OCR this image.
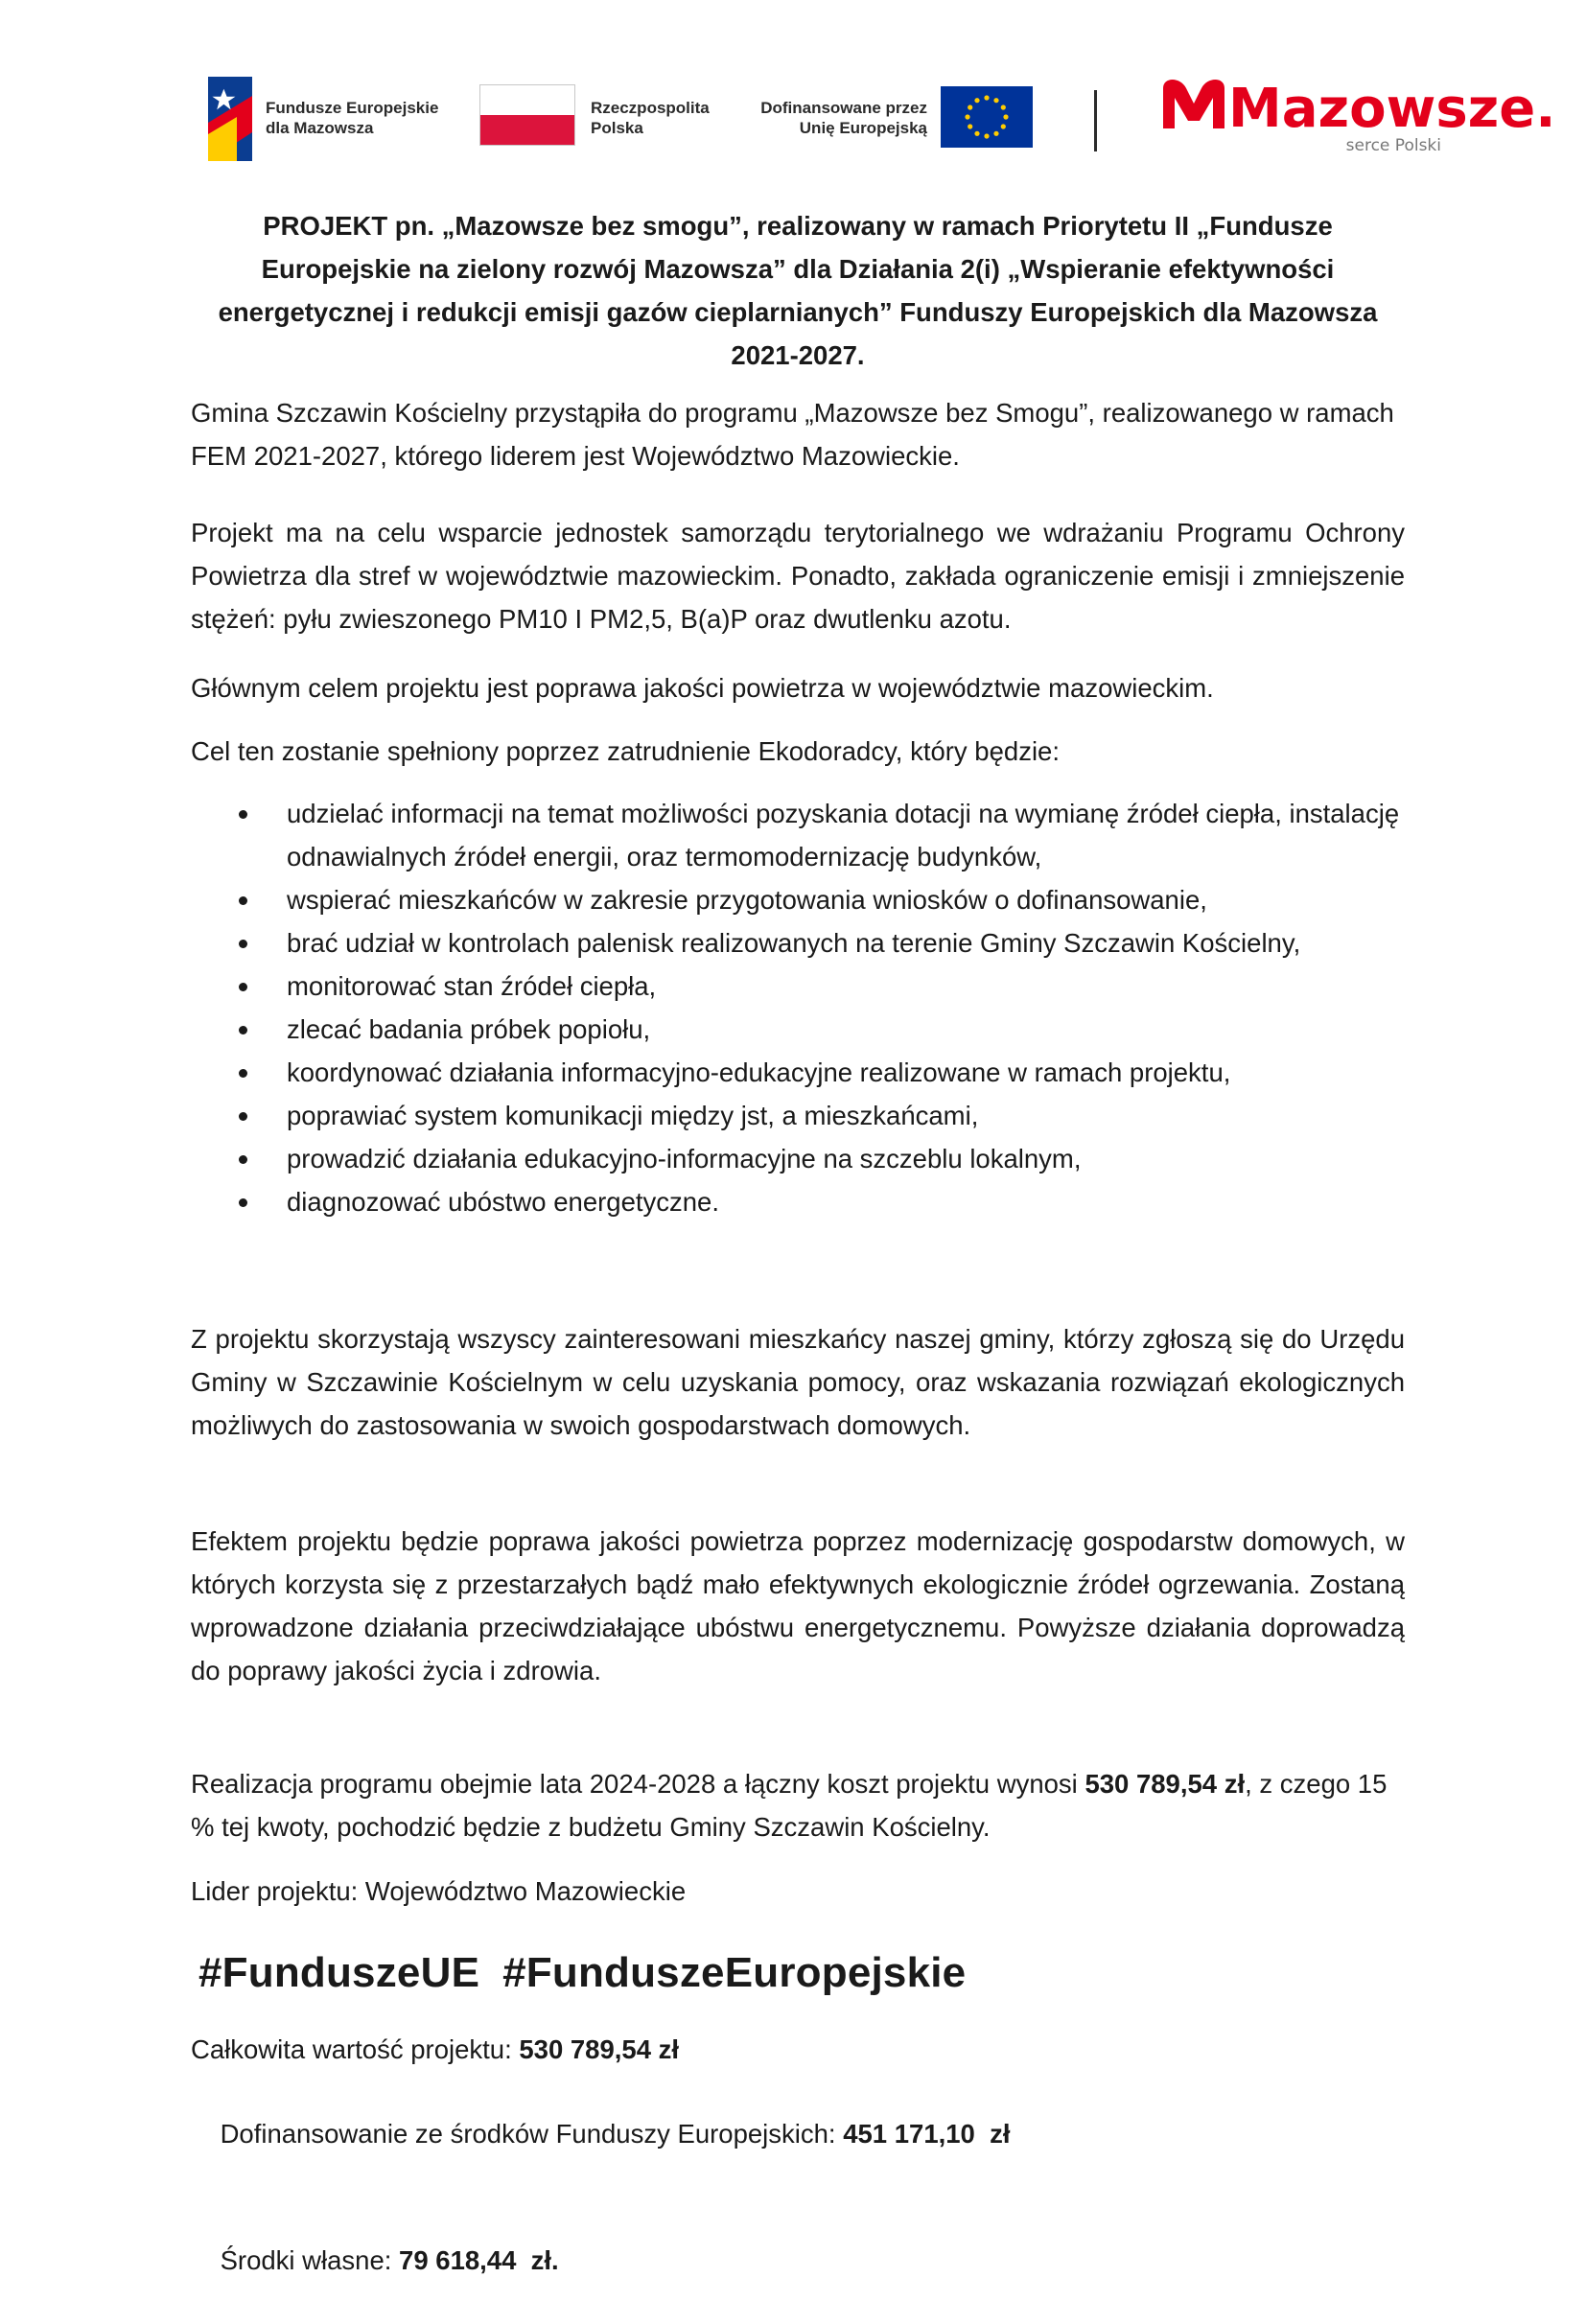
Fundusze Europejskie
dla Mazowsza
Rzeczpospolita
Polska
Dofinansowane przez
Unię Europejską	Mazowsze.
serce Polski
PROJEKT pn. „Mazowsze bez smogu”, realizowany w ramach Priorytetu II „Fundusze Europejskie na zielony rozwój Mazowsza” dla Działania 2(i) „Wspieranie efektywności energetycznej i redukcji emisji gazów cieplarnianych” Funduszy Europejskich dla Mazowsza 2021-2027.

Gmina Szczawin Kościelny przystąpiła do programu „Mazowsze bez Smogu”, realizowanego w ramach FEM 2021-2027, którego liderem jest Województwo Mazowieckie.

Projekt ma na celu wsparcie jednostek samorządu terytorialnego we wdrażaniu Programu Ochrony Powietrza dla stref w województwie mazowieckim. Ponadto, zakłada ograniczenie emisji i zmniejszenie stężeń: pyłu zwieszonego PM10 I PM2,5, B(a)P oraz dwutlenku azotu.

Głównym celem projektu jest poprawa jakości powietrza w województwie mazowieckim.

Cel ten zostanie spełniony poprzez zatrudnienie Ekodoradcy, który będzie:

udzielać informacji na temat możliwości pozyskania dotacji na wymianę źródeł ciepła, instalację odnawialnych źródeł energii, oraz termomodernizację budynków,
wspierać mieszkańców w zakresie przygotowania wniosków o dofinansowanie,
brać udział w kontrolach palenisk realizowanych na terenie Gminy Szczawin Kościelny,
monitorować stan źródeł ciepła,
zlecać badania próbek popiołu,
koordynować działania informacyjno-edukacyjne realizowane w ramach projektu,
poprawiać system komunikacji między jst, a mieszkańcami,
prowadzić działania edukacyjno-informacyjne na szczeblu lokalnym,
diagnozować ubóstwo energetyczne.

Z projektu skorzystają wszyscy zainteresowani mieszkańcy naszej gminy, którzy zgłoszą się do Urzędu Gminy w Szczawinie Kościelnym w celu uzyskania pomocy, oraz wskazania rozwiązań ekologicznych możliwych do zastosowania w swoich gospodarstwach domowych.

Efektem projektu będzie poprawa jakości powietrza poprzez modernizację gospodarstw domowych, w których korzysta się z przestarzałych bądź mało efektywnych ekologicznie źródeł ogrzewania. Zostaną wprowadzone działania przeciwdziałające ubóstwu energetycznemu. Powyższe działania doprowadzą do poprawy jakości życia i zdrowia.

Realizacja programu obejmie lata 2024-2028 a łączny koszt projektu wynosi 530 789,54 zł, z czego 15 % tej kwoty, pochodzić będzie z budżetu Gminy Szczawin Kościelny.

Lider projektu: Województwo Mazowieckie

#FunduszeUE #FunduszeEuropejskie

Całkowita wartość projektu: 530 789,54 zł

Dofinansowanie ze środków Funduszy Europejskich: 451 171,10  zł

Środki własne: 79 618,44  zł.
